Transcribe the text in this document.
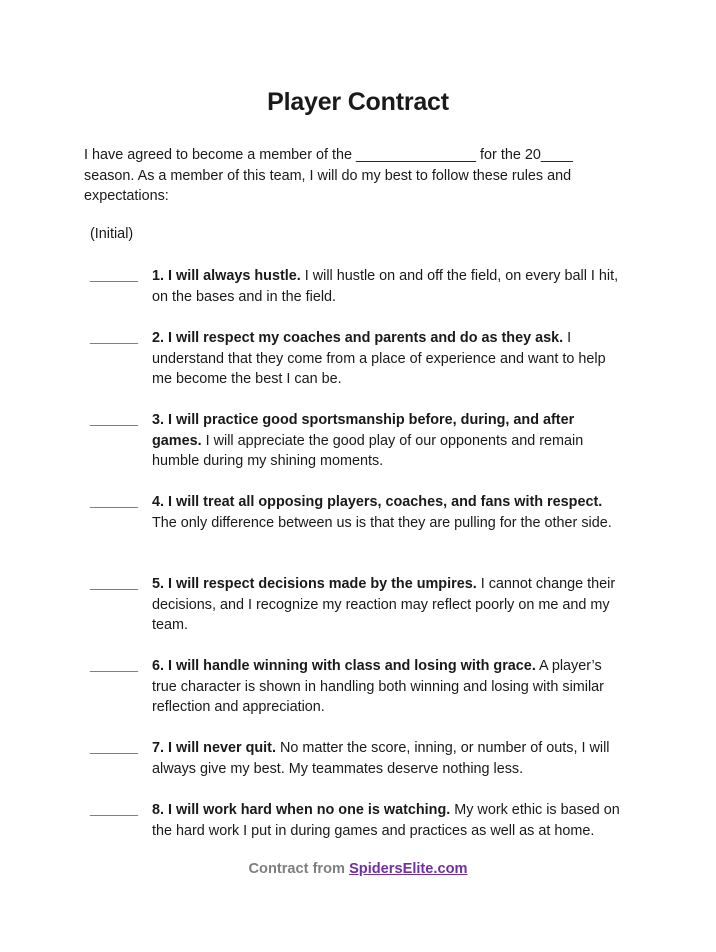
Player Contract
I have agreed to become a member of the _______________ for the 20____ season. As a member of this team, I will do my best to follow these rules and expectations:
(Initial)
______ 1. I will always hustle. I will hustle on and off the field, on every ball I hit, on the bases and in the field.
______ 2. I will respect my coaches and parents and do as they ask. I understand that they come from a place of experience and want to help me become the best I can be.
______ 3. I will practice good sportsmanship before, during, and after games. I will appreciate the good play of our opponents and remain humble during my shining moments.
______ 4. I will treat all opposing players, coaches, and fans with respect. The only difference between us is that they are pulling for the other side.
______ 5. I will respect decisions made by the umpires. I cannot change their decisions, and I recognize my reaction may reflect poorly on me and my team.
______ 6. I will handle winning with class and losing with grace. A player’s true character is shown in handling both winning and losing with similar reflection and appreciation.
______ 7. I will never quit. No matter the score, inning, or number of outs, I will always give my best. My teammates deserve nothing less.
______ 8. I will work hard when no one is watching. My work ethic is based on the hard work I put in during games and practices as well as at home.
Contract from SpidersElite.com
